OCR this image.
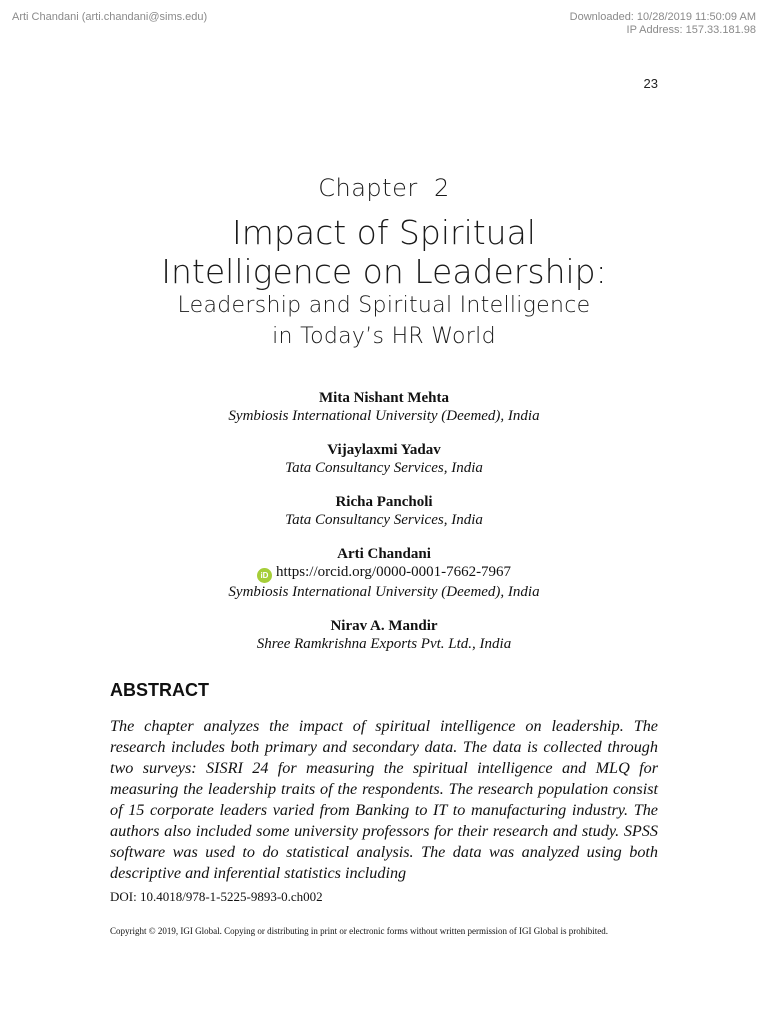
Arti Chandani (arti.chandani@sims.edu)	Downloaded: 10/28/2019 11:50:09 AM
IP Address: 157.33.181.98
23
Chapter  2
Impact of Spiritual
Intelligence on Leadership:
Leadership and Spiritual Intelligence
in Today’s HR World
Mita Nishant Mehta
Symbiosis International University (Deemed), India
Vijaylaxmi Yadav
Tata Consultancy Services, India
Richa Pancholi
Tata Consultancy Services, India
Arti Chandani
iD https://orcid.org/0000-0001-7662-7967
Symbiosis International University (Deemed), India
Nirav A. Mandir
Shree Ramkrishna Exports Pvt. Ltd., India
ABSTRACT

The chapter analyzes the impact of spiritual intelligence on leadership. The research includes both primary and secondary data. The data is collected through two surveys: SISRI 24 for measuring the spiritual intelligence and MLQ for measuring the leadership traits of the respondents. The research population consist of 15 corporate leaders varied from Banking to IT to manufacturing industry. The authors also included some university professors for their research and study. SPSS software was used to do statistical analysis. The data was analyzed using both descriptive and inferential statistics including

DOI: 10.4018/978-1-5225-9893-0.ch002
Copyright © 2019, IGI Global. Copying or distributing in print or electronic forms without written permission of IGI Global is prohibited.
